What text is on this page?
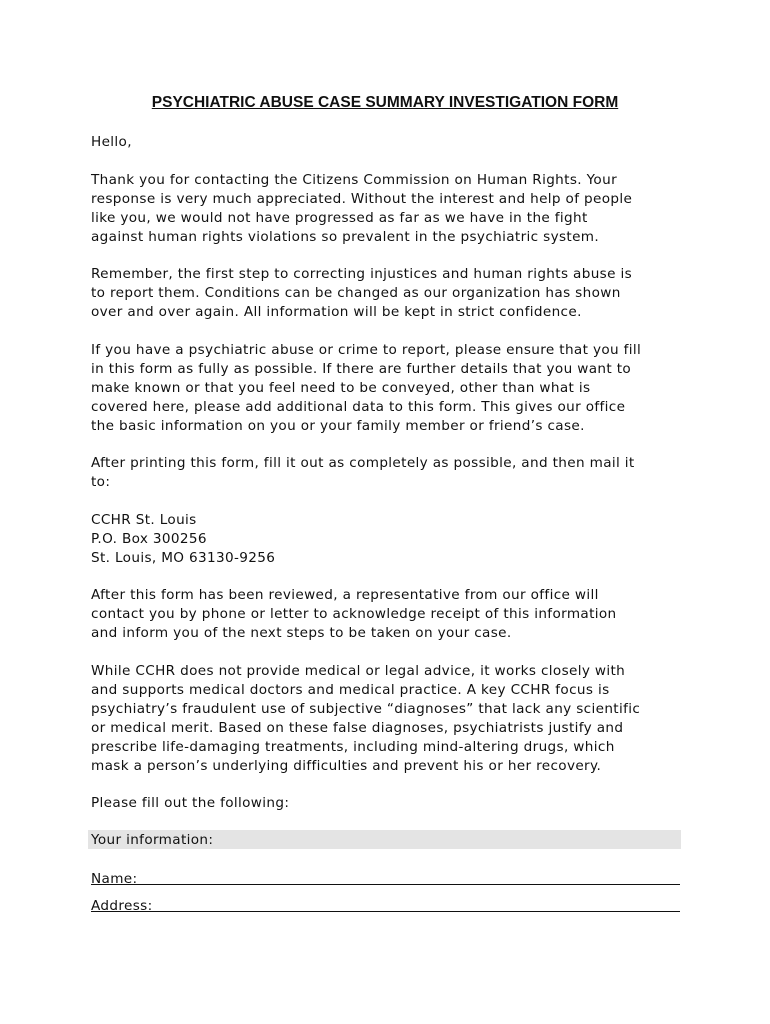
PSYCHIATRIC ABUSE CASE SUMMARY INVESTIGATION FORM
Hello,
Thank you for contacting the Citizens Commission on Human Rights. Your
response is very much appreciated. Without the interest and help of people
like you, we would not have progressed as far as we have in the fight
against human rights violations so prevalent in the psychiatric system.
Remember, the first step to correcting injustices and human rights abuse is
to report them. Conditions can be changed as our organization has shown
over and over again. All information will be kept in strict confidence.
If you have a psychiatric abuse or crime to report, please ensure that you fill
in this form as fully as possible. If there are further details that you want to
make known or that you feel need to be conveyed, other than what is
covered here, please add additional data to this form. This gives our office
the basic information on you or your family member or friend’s case.
After printing this form, fill it out as completely as possible, and then mail it
to:
CCHR St. Louis
P.O. Box 300256
St. Louis, MO 63130-9256
After this form has been reviewed, a representative from our office will
contact you by phone or letter to acknowledge receipt of this information
and inform you of the next steps to be taken on your case.
While CCHR does not provide medical or legal advice, it works closely with
and supports medical doctors and medical practice. A key CCHR focus is
psychiatry’s fraudulent use of subjective “diagnoses” that lack any scientific
or medical merit. Based on these false diagnoses, psychiatrists justify and
prescribe life-damaging treatments, including mind-altering drugs, which
mask a person’s underlying difficulties and prevent his or her recovery.
Please fill out the following:
Your information:
Name:
Address:
